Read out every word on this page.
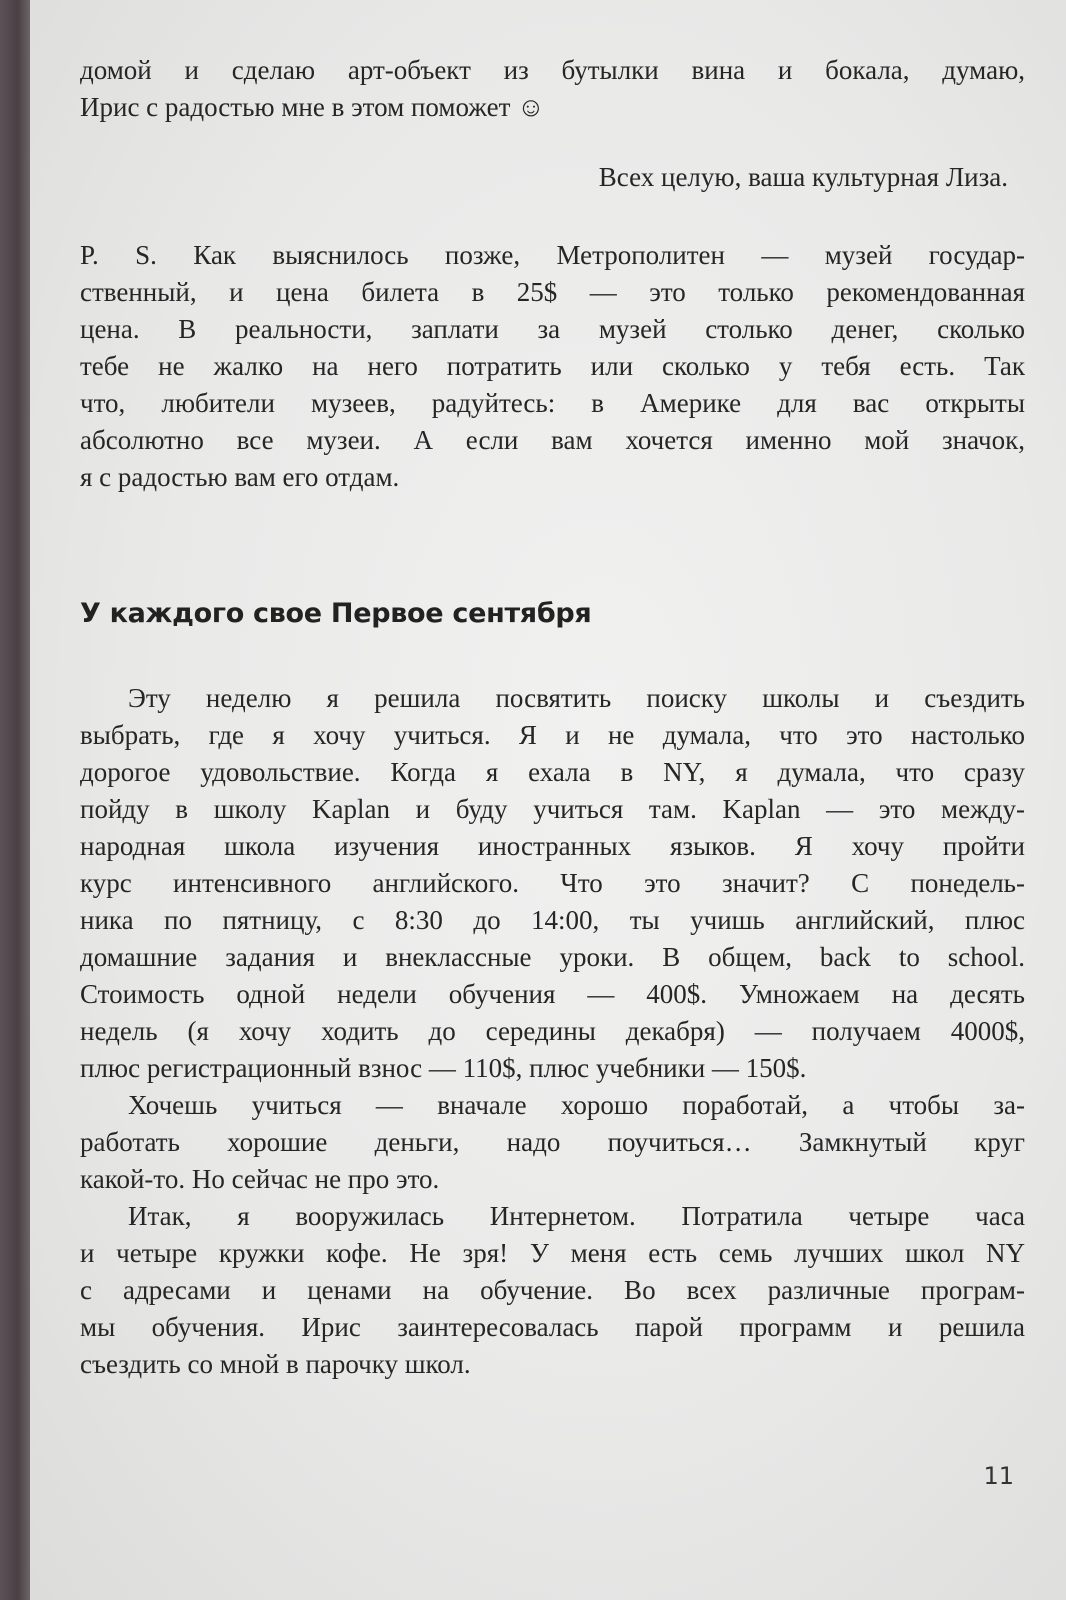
домой и сделаю арт-объект из бутылки вина и бокала, думаю,
Ирис с радостью мне в этом поможет ☺
Всех целую, ваша культурная Лиза.
P. S. Как выяснилось позже, Метрополитен — музей государ-
ственный, и цена билета в 25$ — это только рекомендованная
цена. В реальности, заплати за музей столько денег, сколько
тебе не жалко на него потратить или сколько у тебя есть. Так
что, любители музеев, радуйтесь: в Америке для вас открыты
абсолютно все музеи. А если вам хочется именно мой значок,
я с радостью вам его отдам.
У каждого свое Первое сентября
Эту неделю я решила посвятить поиску школы и съездить
выбрать, где я хочу учиться. Я и не думала, что это настолько
дорогое удовольствие. Когда я ехала в NY, я думала, что сразу
пойду в школу Kaplan и буду учиться там. Kaplan — это между-
народная школа изучения иностранных языков. Я хочу пройти
курс интенсивного английского. Что это значит? С понедель-
ника по пятницу, с 8:30 до 14:00, ты учишь английский, плюс
домашние задания и внеклассные уроки. В общем, back to school.
Стоимость одной недели обучения — 400$. Умножаем на десять
недель (я хочу ходить до середины декабря) — получаем 4000$,
плюс регистрационный взнос — 110$, плюс учебники — 150$.
Хочешь учиться — вначале хорошо поработай, а чтобы за-
работать хорошие деньги, надо поучиться… Замкнутый круг
какой-то. Но сейчас не про это.
Итак, я вооружилась Интернетом. Потратила четыре часа
и четыре кружки кофе. Не зря! У меня есть семь лучших школ NY
с адресами и ценами на обучение. Во всех различные програм-
мы обучения. Ирис заинтересовалась парой программ и решила
съездить со мной в парочку школ.
11
